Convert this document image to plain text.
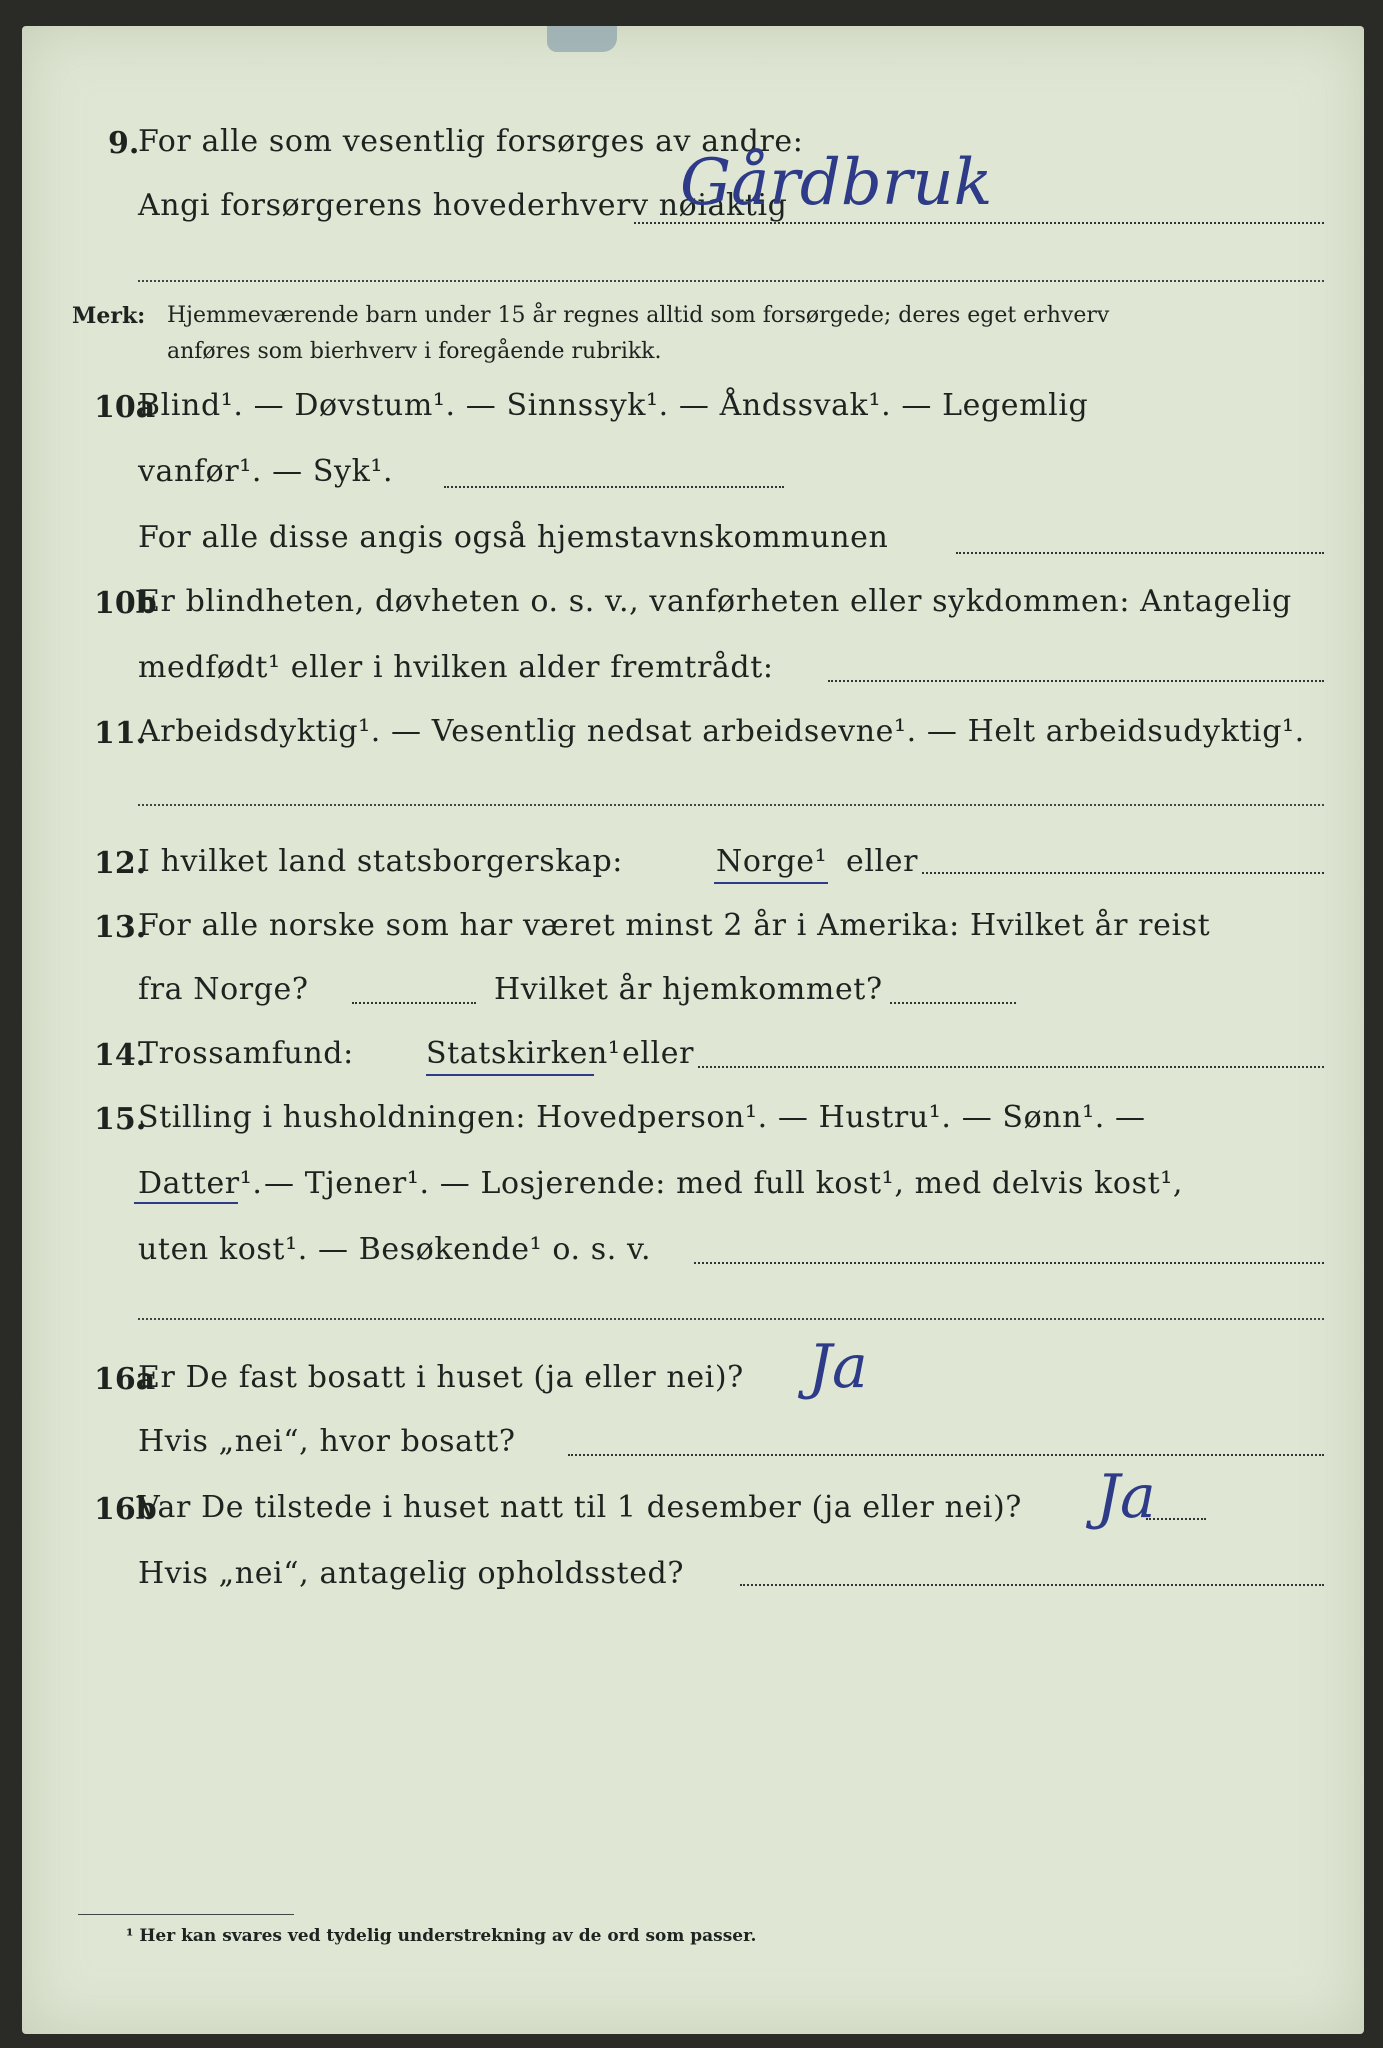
9.
For alle som vesentlig forsørges av andre:
Angi forsørgerens hovederhverv nøiaktig
Gårdbruk
Merk: Hjemmeværende barn under 15 år regnes alltid som forsørgede; deres eget erhverv
anføres som bierhverv i foregående rubrikk.
10a
Blind¹. — Døvstum¹. — Sinnssyk¹. — Åndssvak¹. — Legemlig
vanfør¹. — Syk¹.
For alle disse angis også hjemstavnskommunen
10b
Er blindheten, døvheten o. s. v., vanførheten eller sykdommen: Antagelig
medfødt¹ eller i hvilken alder fremtrådt:
11.
Arbeidsdyktig¹. — Vesentlig nedsat arbeidsevne¹. — Helt arbeidsudyktig¹.
12.
I hvilket land statsborgerskap:	Norge¹ eller
13.
For alle norske som har været minst 2 år i Amerika: Hvilket år reist
fra Norge?	Hvilket år hjemkommet?
14.
Trossamfund: Statskirken¹ eller
15.
Stilling i husholdningen: Hovedperson¹. — Hustru¹. — Sønn¹. —
Datter¹. — Tjener¹. — Losjerende: med full kost¹, med delvis kost¹,
uten kost¹. — Besøkende¹ o. s. v.
16a
Er De fast bosatt i huset (ja eller nei)? Ja
Hvis „nei“, hvor bosatt?
16b
Var De tilstede i huset natt til 1 desember (ja eller nei)? Ja
Hvis „nei“, antagelig opholdssted?
¹ Her kan svares ved tydelig understrekning av de ord som passer.
